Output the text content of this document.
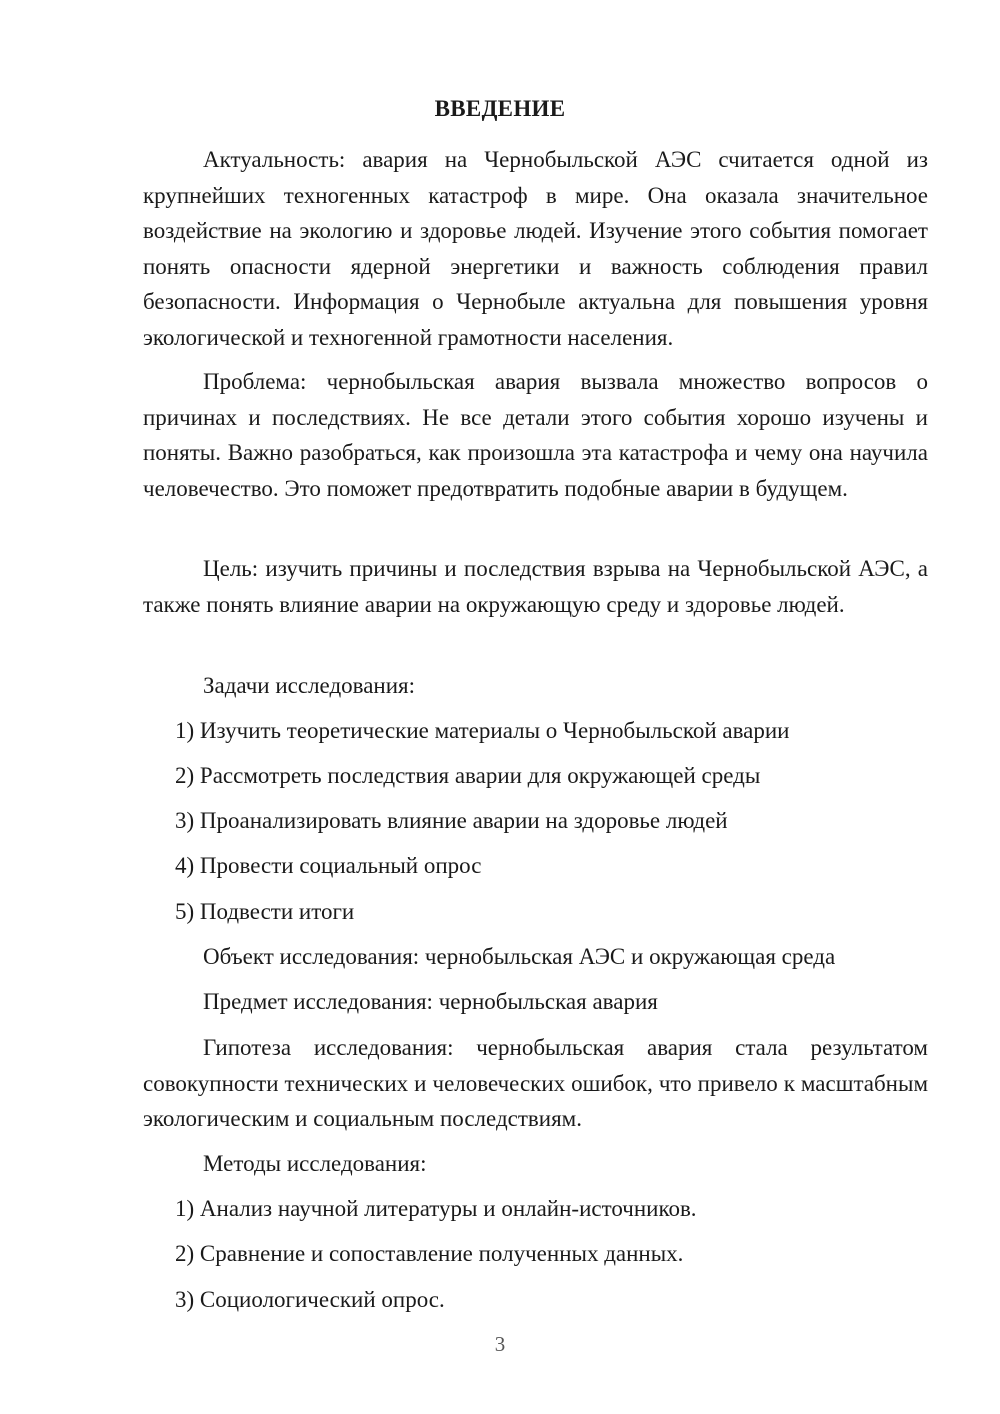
ВВЕДЕНИЕ

Актуальность: авария на Чернобыльской АЭС считается одной из крупнейших техногенных катастроф в мире. Она оказала значительное воздействие на экологию и здоровье людей. Изучение этого события помогает понять опасности ядерной энергетики и важность соблюдения правил безопасности. Информация о Чернобыле актуальна для повышения уровня экологической и техногенной грамотности населения.

Проблема: чернобыльская авария вызвала множество вопросов о причинах и последствиях. Не все детали этого события хорошо изучены и поняты. Важно разобраться, как произошла эта катастрофа и чему она научила человечество. Это поможет предотвратить подобные аварии в будущем.

Цель: изучить причины и последствия взрыва на Чернобыльской АЭС, а также понять влияние аварии на окружающую среду и здоровье людей.

Задачи исследования:
1) Изучить теоретические материалы о Чернобыльской аварии
2) Рассмотреть последствия аварии для окружающей среды
3) Проанализировать влияние аварии на здоровье людей
4) Провести социальный опрос
5) Подвести итоги
Объект исследования: чернобыльская АЭС и окружающая среда
Предмет исследования: чернобыльская авария

Гипотеза исследования: чернобыльская авария стала результатом совокупности технических и человеческих ошибок, что привело к масштабным экологическим и социальным последствиям.

Методы исследования:
1) Анализ научной литературы и онлайн-источников.
2) Сравнение и сопоставление полученных данных.
3) Социологический опрос.
3
